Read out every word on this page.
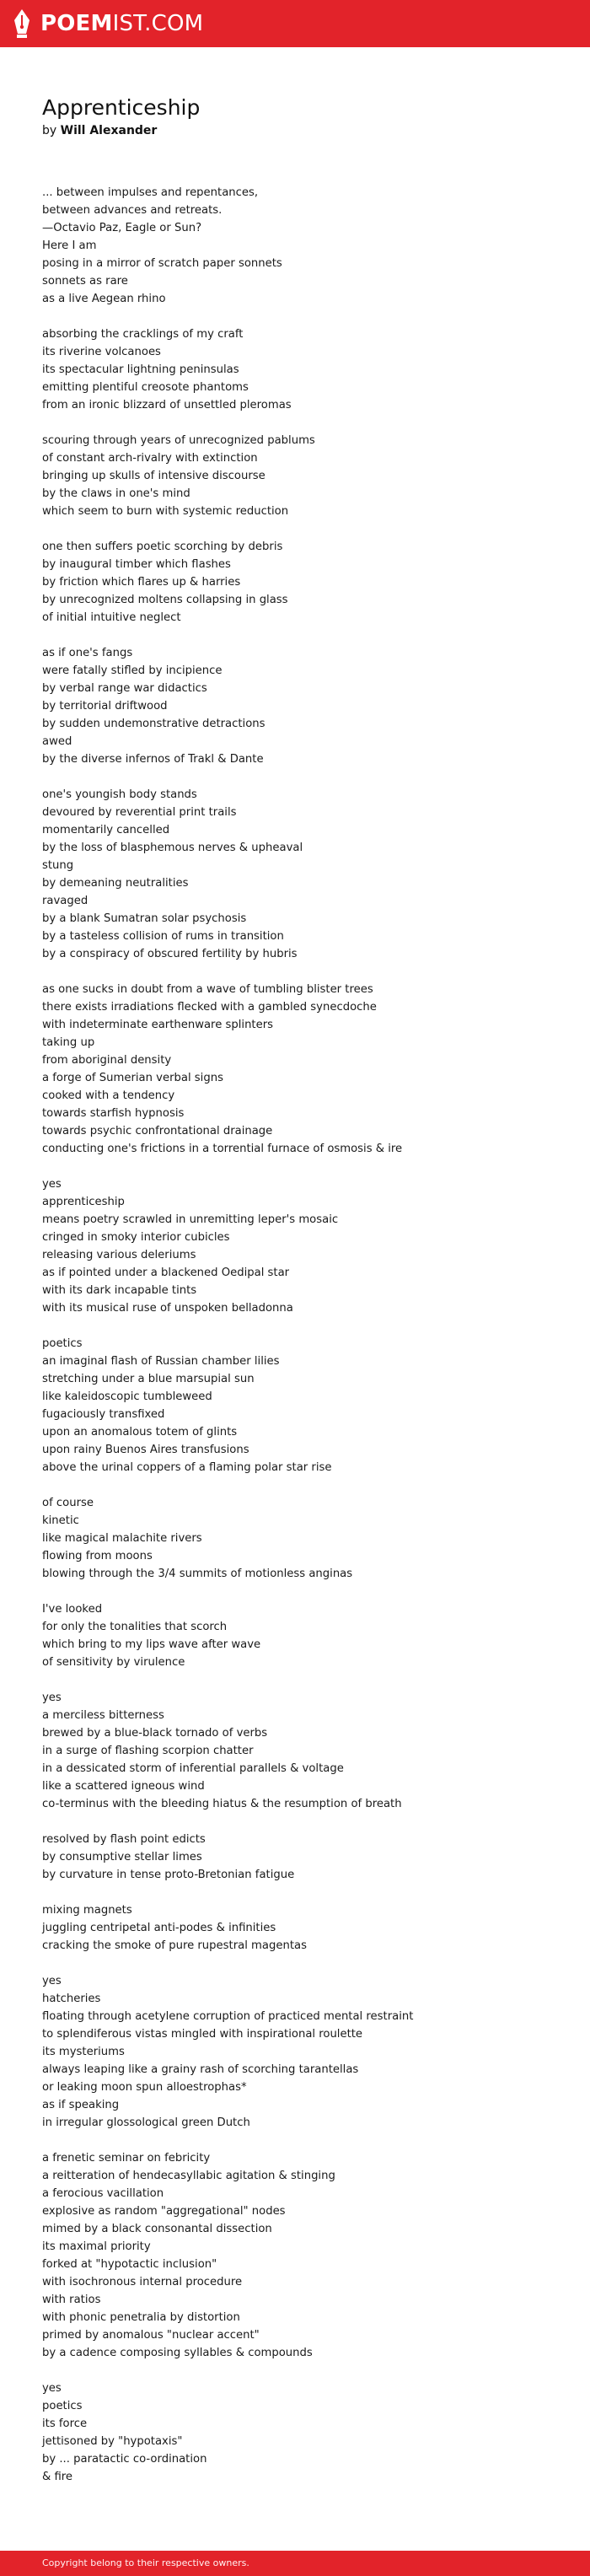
POEMIST.COM
Apprenticeship
by Will Alexander
... between impulses and repentances,
between advances and retreats.
—Octavio Paz, Eagle or Sun?
Here I am
posing in a mirror of scratch paper sonnets
sonnets as rare
as a live Aegean rhino
absorbing the cracklings of my craft
its riverine volcanoes
its spectacular lightning peninsulas
emitting plentiful creosote phantoms
from an ironic blizzard of unsettled pleromas
scouring through years of unrecognized pablums
of constant arch-rivalry with extinction
bringing up skulls of intensive discourse
by the claws in one's mind
which seem to burn with systemic reduction
one then suffers poetic scorching by debris
by inaugural timber which flashes
by friction which flares up & harries
by unrecognized moltens collapsing in glass
of initial intuitive neglect
as if one's fangs
were fatally stifled by incipience
by verbal range war didactics
by territorial driftwood
by sudden undemonstrative detractions
awed
by the diverse infernos of Trakl & Dante
one's youngish body stands
devoured by reverential print trails
momentarily cancelled
by the loss of blasphemous nerves & upheaval
stung
by demeaning neutralities
ravaged
by a blank Sumatran solar psychosis
by a tasteless collision of rums in transition
by a conspiracy of obscured fertility by hubris
as one sucks in doubt from a wave of tumbling blister trees
there exists irradiations flecked with a gambled synecdoche
with indeterminate earthenware splinters
taking up
from aboriginal density
a forge of Sumerian verbal signs
cooked with a tendency
towards starfish hypnosis
towards psychic confrontational drainage
conducting one's frictions in a torrential furnace of osmosis & ire
yes
apprenticeship
means poetry scrawled in unremitting leper's mosaic
cringed in smoky interior cubicles
releasing various deleriums
as if pointed under a blackened Oedipal star
with its dark incapable tints
with its musical ruse of unspoken belladonna
poetics
an imaginal flash of Russian chamber lilies
stretching under a blue marsupial sun
like kaleidoscopic tumbleweed
fugaciously transfixed
upon an anomalous totem of glints
upon rainy Buenos Aires transfusions
above the urinal coppers of a flaming polar star rise
of course
kinetic
like magical malachite rivers
flowing from moons
blowing through the 3/4 summits of motionless anginas
I've looked
for only the tonalities that scorch
which bring to my lips wave after wave
of sensitivity by virulence
yes
a merciless bitterness
brewed by a blue-black tornado of verbs
in a surge of flashing scorpion chatter
in a dessicated storm of inferential parallels & voltage
like a scattered igneous wind
co-terminus with the bleeding hiatus & the resumption of breath
resolved by flash point edicts
by consumptive stellar limes
by curvature in tense proto-Bretonian fatigue
mixing magnets
juggling centripetal anti-podes & infinities
cracking the smoke of pure rupestral magentas
yes
hatcheries
floating through acetylene corruption of practiced mental restraint
to splendiferous vistas mingled with inspirational roulette
its mysteriums
always leaping like a grainy rash of scorching tarantellas
or leaking moon spun alloestrophas*
as if speaking
in irregular glossological green Dutch
a frenetic seminar on febricity
a reitteration of hendecasyllabic agitation & stinging
a ferocious vacillation
explosive as random "aggregational" nodes
mimed by a black consonantal dissection
its maximal priority
forked at "hypotactic inclusion"
with isochronous internal procedure
with ratios
with phonic penetralia by distortion
primed by anomalous "nuclear accent"
by a cadence composing syllables & compounds
yes
poetics
its force
jettisoned by "hypotaxis"
by ... paratactic co-ordination
& fire
Copyright belong to their respective owners.
